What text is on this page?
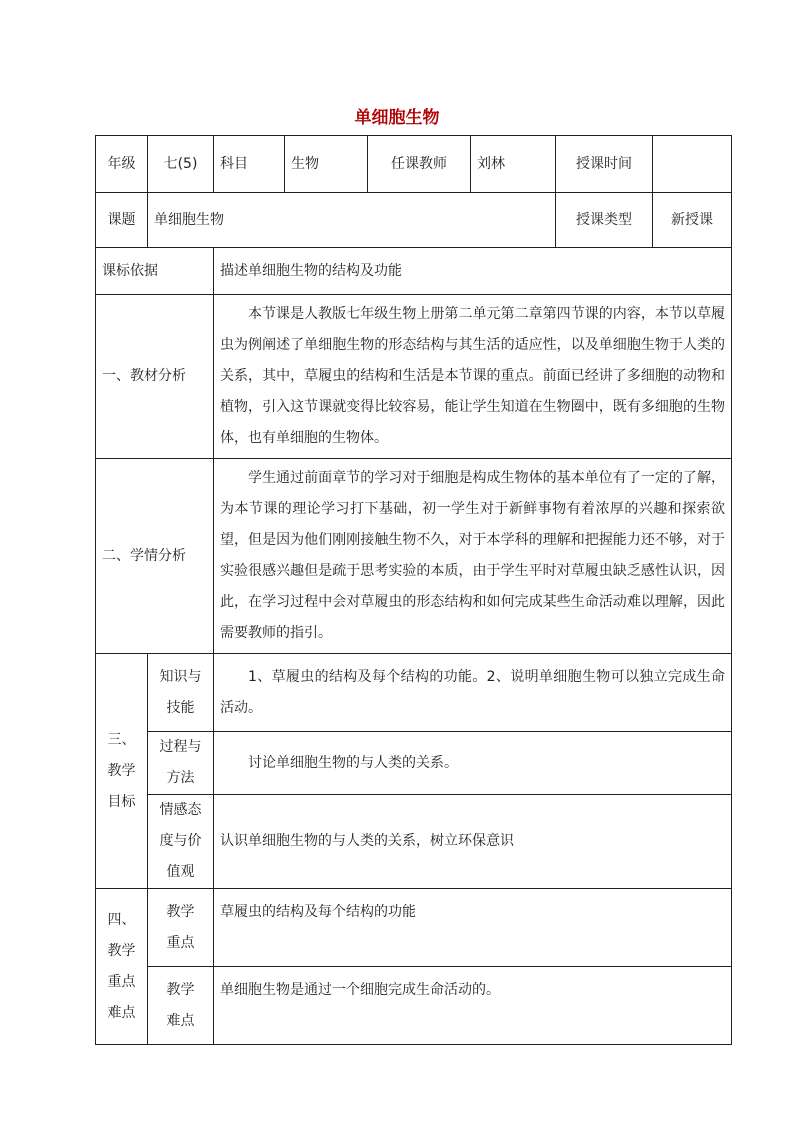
单细胞生物
年级	七(5)	科目	生物	任课教师	刘林	授课时间	
课题	单细胞生物					授课类型	新授课
课标依据		描述单细胞生物的结构及功能					
一、教材分析		本节课是人教版七年级生物上册第二单元第二章第四节课的内容，本节以草履虫为例阐述了单细胞生物的形态结构与其生活的适应性，以及单细胞生物于人类的关系，其中，草履虫的结构和生活是本节课的重点。前面已经讲了多细胞的动物和植物，引入这节课就变得比较容易，能让学生知道在生物圈中，既有多细胞的生物体，也有单细胞的生物体。					
二、学情分析		学生通过前面章节的学习对于细胞是构成生物体的基本单位有了一定的了解，为本节课的理论学习打下基础，初一学生对于新鲜事物有着浓厚的兴趣和探索欲望，但是因为他们刚刚接触生物不久，对于本学科的理解和把握能力还不够，对于实验很感兴趣但是疏于思考实验的本质，由于学生平时对草履虫缺乏感性认识，因此，在学习过程中会对草履虫的形态结构和如何完成某些生命活动难以理解，因此需要教师的指引。					
三、教学目标	知识与技能	1、草履虫的结构及每个结构的功能。2、说明单细胞生物可以独立完成生命活动。					
	过程与方法	讨论单细胞生物的与人类的关系。					
	情感态度与价值观	认识单细胞生物的与人类的关系，树立环保意识					
四、教学重点难点	教学重点	草履虫的结构及每个结构的功能					
	教学难点	单细胞生物是通过一个细胞完成生命活动的。					
